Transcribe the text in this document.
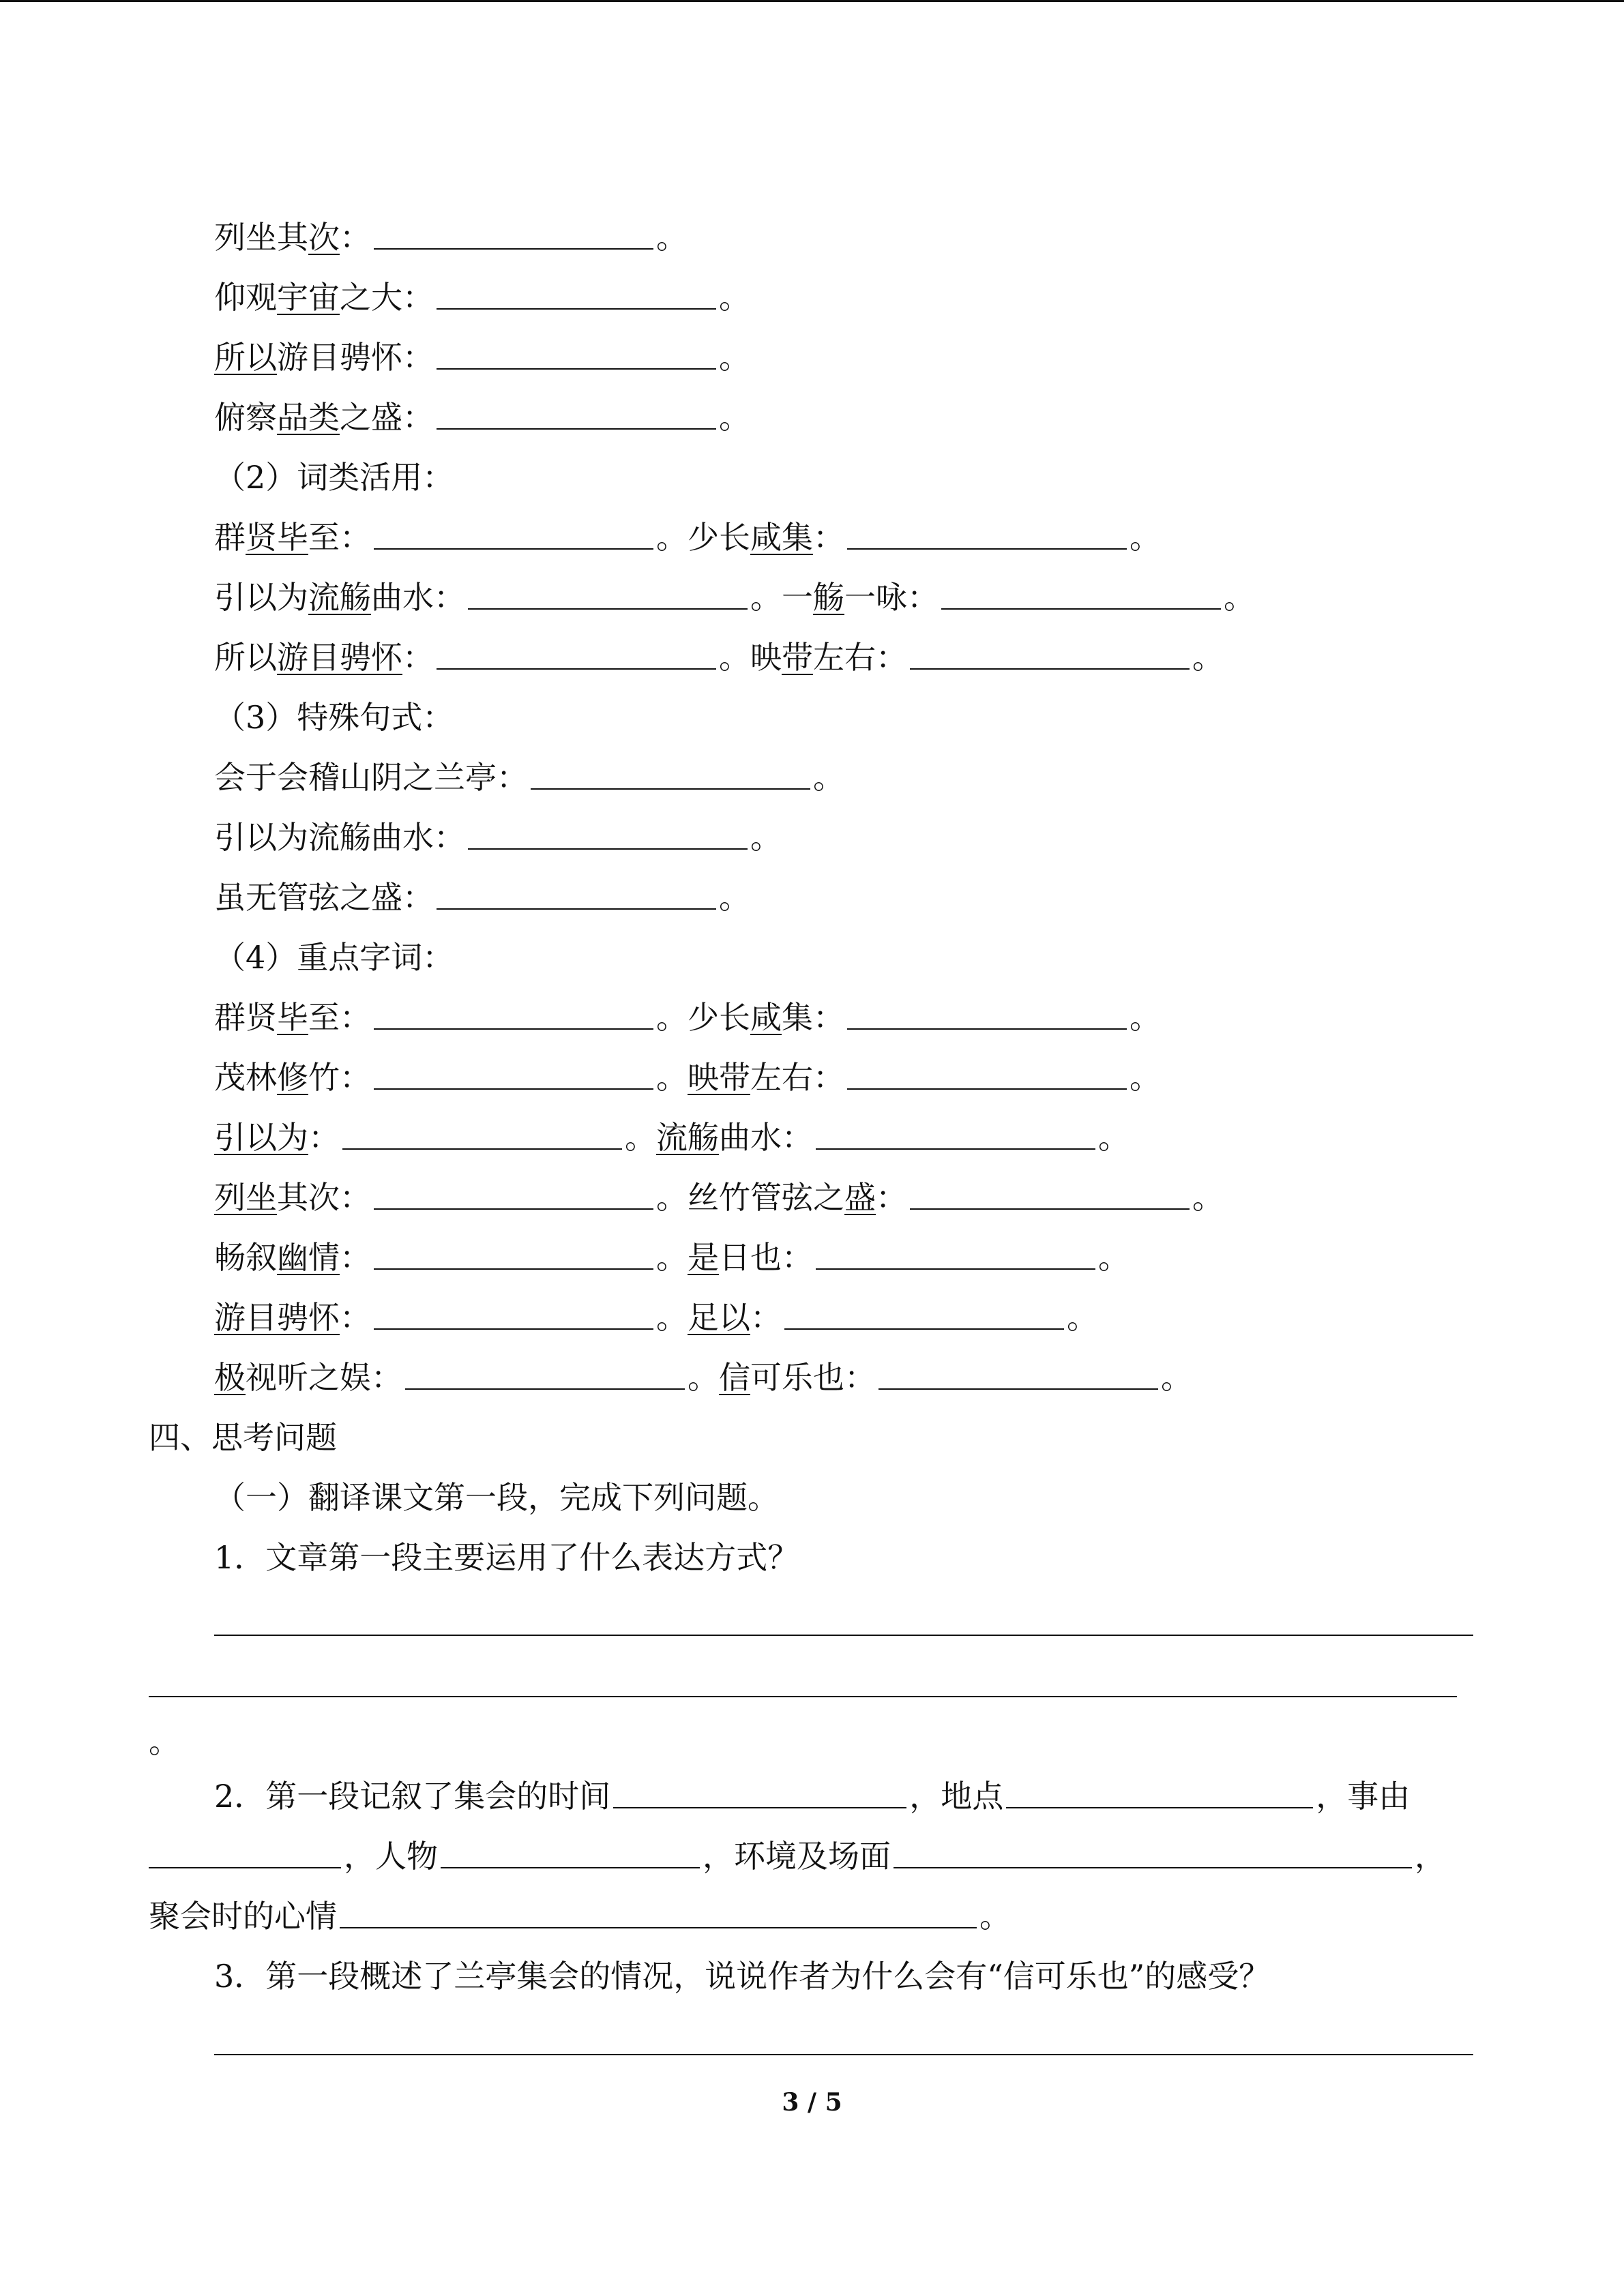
列坐其次：	。
仰观宇宙之大：	。
所以游目骋怀：	。
俯察品类之盛：	。
（2）词类活用：
群贤毕至：	。少长咸集：	。
引以为流觞曲水：	。一觞一咏：	。
所以游目骋怀：	。映带左右：	。
（3）特殊句式：
会于会稽山阴之兰亭：	。
引以为流觞曲水：	。
虽无管弦之盛：	。
（4）重点字词：
群贤毕至：	。少长咸集：	。
茂林修竹：	。映带左右：	。
引以为：	。流觞曲水：	。
列坐其次：	。丝竹管弦之盛：	。
畅叙幽情：	。是日也：	。
游目骋怀：	。足以：	。
极视听之娱：	。信可乐也：	。
四、思考问题
（一）翻译课文第一段，完成下列问题。
1．文章第一段主要运用了什么表达方式？
。
2．第一段记叙了集会的时间	，地点	，事由
，人物	，环境及场面	，
聚会时的心情	。
3．第一段概述了兰亭集会的情况，说说作者为什么会有“信可乐也”的感受？
3 / 5
